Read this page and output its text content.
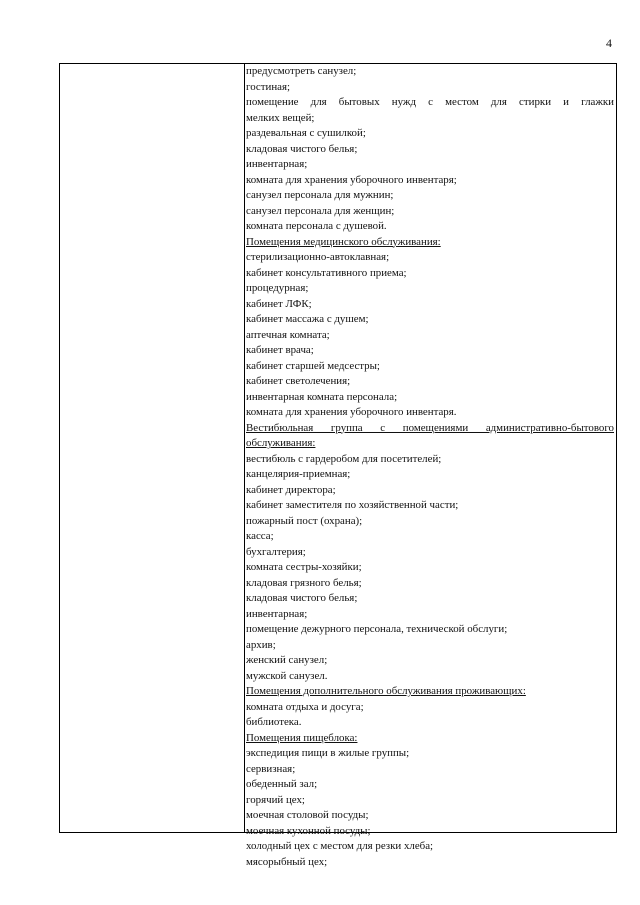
4
предусмотреть санузел;
гостиная;
помещение для бытовых нужд с местом для стирки и глажки
мелких вещей;
раздевальная с сушилкой;
кладовая чистого белья;
инвентарная;
комната для хранения уборочного инвентаря;
санузел персонала для мужнин;
санузел персонала для женщин;
комната персонала с душевой.
Помещения медицинского обслуживания:
стерилизационно-автоклавная;
кабинет консультативного приема;
процедурная;
кабинет ЛФК;
кабинет массажа с душем;
аптечная комната;
кабинет врача;
кабинет старшей медсестры;
кабинет светолечения;
инвентарная комната персонала;
комната для хранения уборочного инвентаря.
Вестибюльная группа с помещениями административно-бытового
обслуживания:
вестибюль с гардеробом для посетителей;
канцелярия-приемная;
кабинет директора;
кабинет заместителя по хозяйственной части;
пожарный пост (охрана);
касса;
бухгалтерия;
комната сестры-хозяйки;
кладовая грязного белья;
кладовая чистого белья;
инвентарная;
помещение дежурного персонала, технической обслуги;
архив;
женский санузел;
мужской санузел.
Помещения дополнительного обслуживания проживающих:
комната отдыха и досуга;
библиотека.
Помещения пищеблока:
экспедиция пищи в жилые группы;
сервизная;
обеденный зал;
горячий цех;
моечная столовой посуды;
моечная кухонной посуды;
холодный цех с местом для резки хлеба;
мясорыбный цех;
